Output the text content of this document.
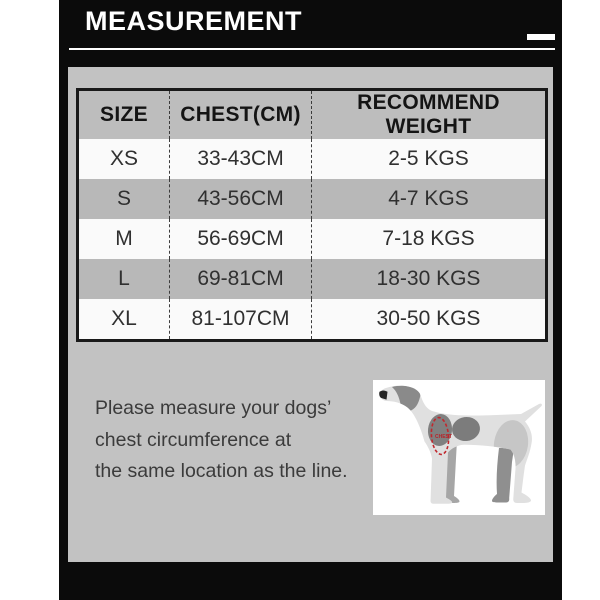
MEASUREMENT
SIZE	CHEST(CM)	RECOMMEND WEIGHT
XS	33-43CM	2-5 KGS
S	43-56CM	4-7 KGS
M	56-69CM	7-18 KGS
L	69-81CM	18-30 KGS
XL	81-107CM	30-50 KGS
Please measure your dogs’
chest circumference at
the same location as the line.
CHEST
